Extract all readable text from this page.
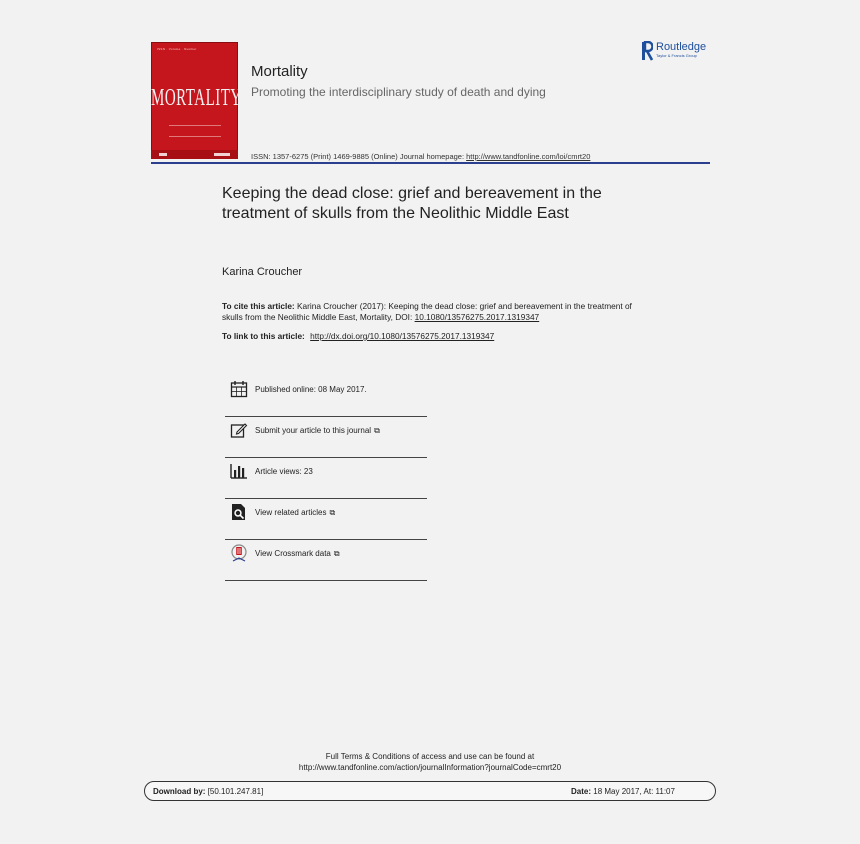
ISSN · Volume · Number
MORTALITY
Mortality
Promoting the interdisciplinary study of death and dying
ISSN: 1357-6275 (Print) 1469-9885 (Online) Journal homepage: http://www.tandfonline.com/loi/cmrt20
Routledge
Taylor & Francis Group
Keeping the dead close: grief and bereavement in the treatment of skulls from the Neolithic Middle East
Karina Croucher
To cite this article: Karina Croucher (2017): Keeping the dead close: grief and bereavement in the treatment of skulls from the Neolithic Middle East, Mortality, DOI: 10.1080/13576275.2017.1319347
To link to this article: http://dx.doi.org/10.1080/13576275.2017.1319347
Published online: 08 May 2017.
Submit your article to this journal ⧉
Article views: 23
View related articles ⧉
View Crossmark data ⧉
Full Terms & Conditions of access and use can be found at
http://www.tandfonline.com/action/journalInformation?journalCode=cmrt20
Download by: [50.101.247.81]	Date: 18 May 2017, At: 11:07
